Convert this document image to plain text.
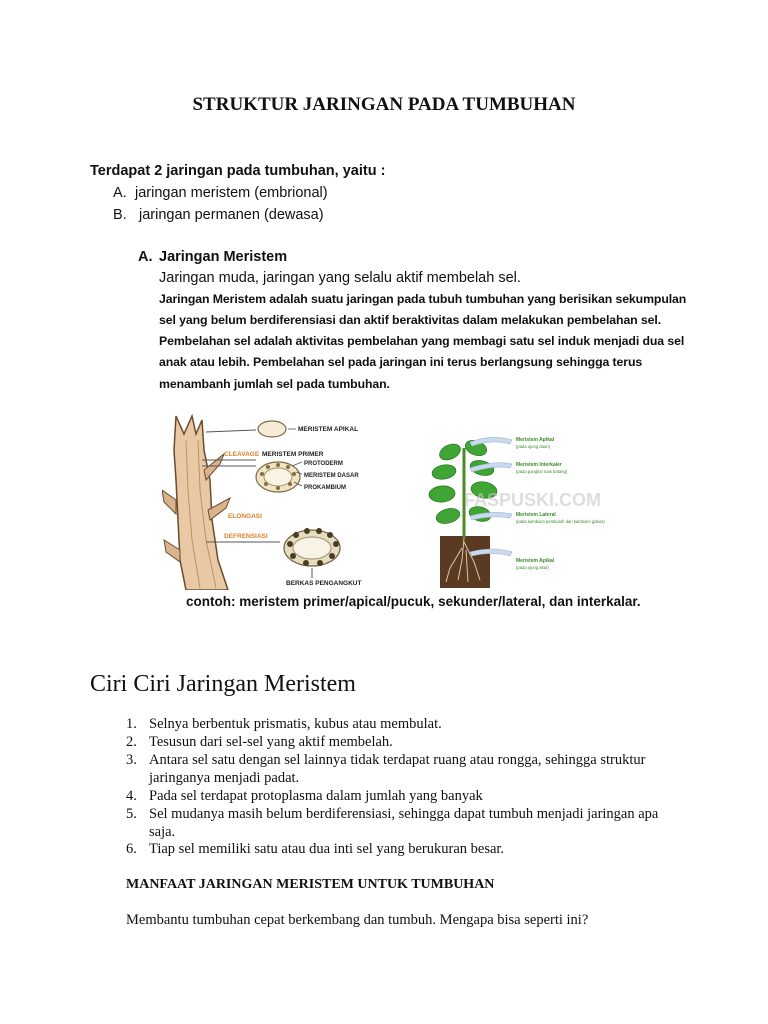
STRUKTUR JARINGAN PADA TUMBUHAN
Terdapat 2 jaringan pada tumbuhan, yaitu :
A. jaringan meristem (embrional)
B. jaringan permanen (dewasa)
A. Jaringan Meristem
Jaringan muda, jaringan yang selalu aktif membelah sel.
Jaringan Meristem adalah suatu jaringan pada tubuh tumbuhan yang berisikan sekumpulan
sel yang belum berdiferensiasi dan aktif beraktivitas dalam melakukan pembelahan sel.
Pembelahan sel adalah aktivitas pembelahan yang membagi satu sel induk menjadi dua sel
anak atau lebih. Pembelahan sel pada jaringan ini terus berlangsung sehingga terus
menambanh jumlah sel pada tumbuhan.
MERISTEM APIKAL
CLEAVAGE MERISTEM PRIMER
PROTODERM
MERISTEM DASAR
PROKAMBIUM
ELONGASI
DEFRENSIASI
BERKAS PENGANGKUT
FASPUSKI.COM
Meristem Apikal
(pada ujung daun)
Meristem Interkaler
(pada pangkal ruas batang)
Meristem Lateral
(pada kambium pembuluh dan kambium gabus)
Meristem Apikal
(pada ujung akar)
contoh: meristem primer/apical/pucuk, sekunder/lateral, dan interkalar.
Ciri Ciri Jaringan Meristem
1. Selnya berbentuk prismatis, kubus atau membulat.
2. Tesusun dari sel-sel yang aktif membelah.
3. Antara sel satu dengan sel lainnya tidak terdapat ruang atau rongga, sehingga struktur jaringanya menjadi padat.
4. Pada sel terdapat protoplasma dalam jumlah yang banyak
5. Sel mudanya masih belum berdiferensiasi, sehingga dapat tumbuh menjadi jaringan apa saja.
6. Tiap sel memiliki satu atau dua inti sel yang berukuran besar.
MANFAAT JARINGAN MERISTEM UNTUK TUMBUHAN
Membantu tumbuhan cepat berkembang dan tumbuh. Mengapa bisa seperti ini?
